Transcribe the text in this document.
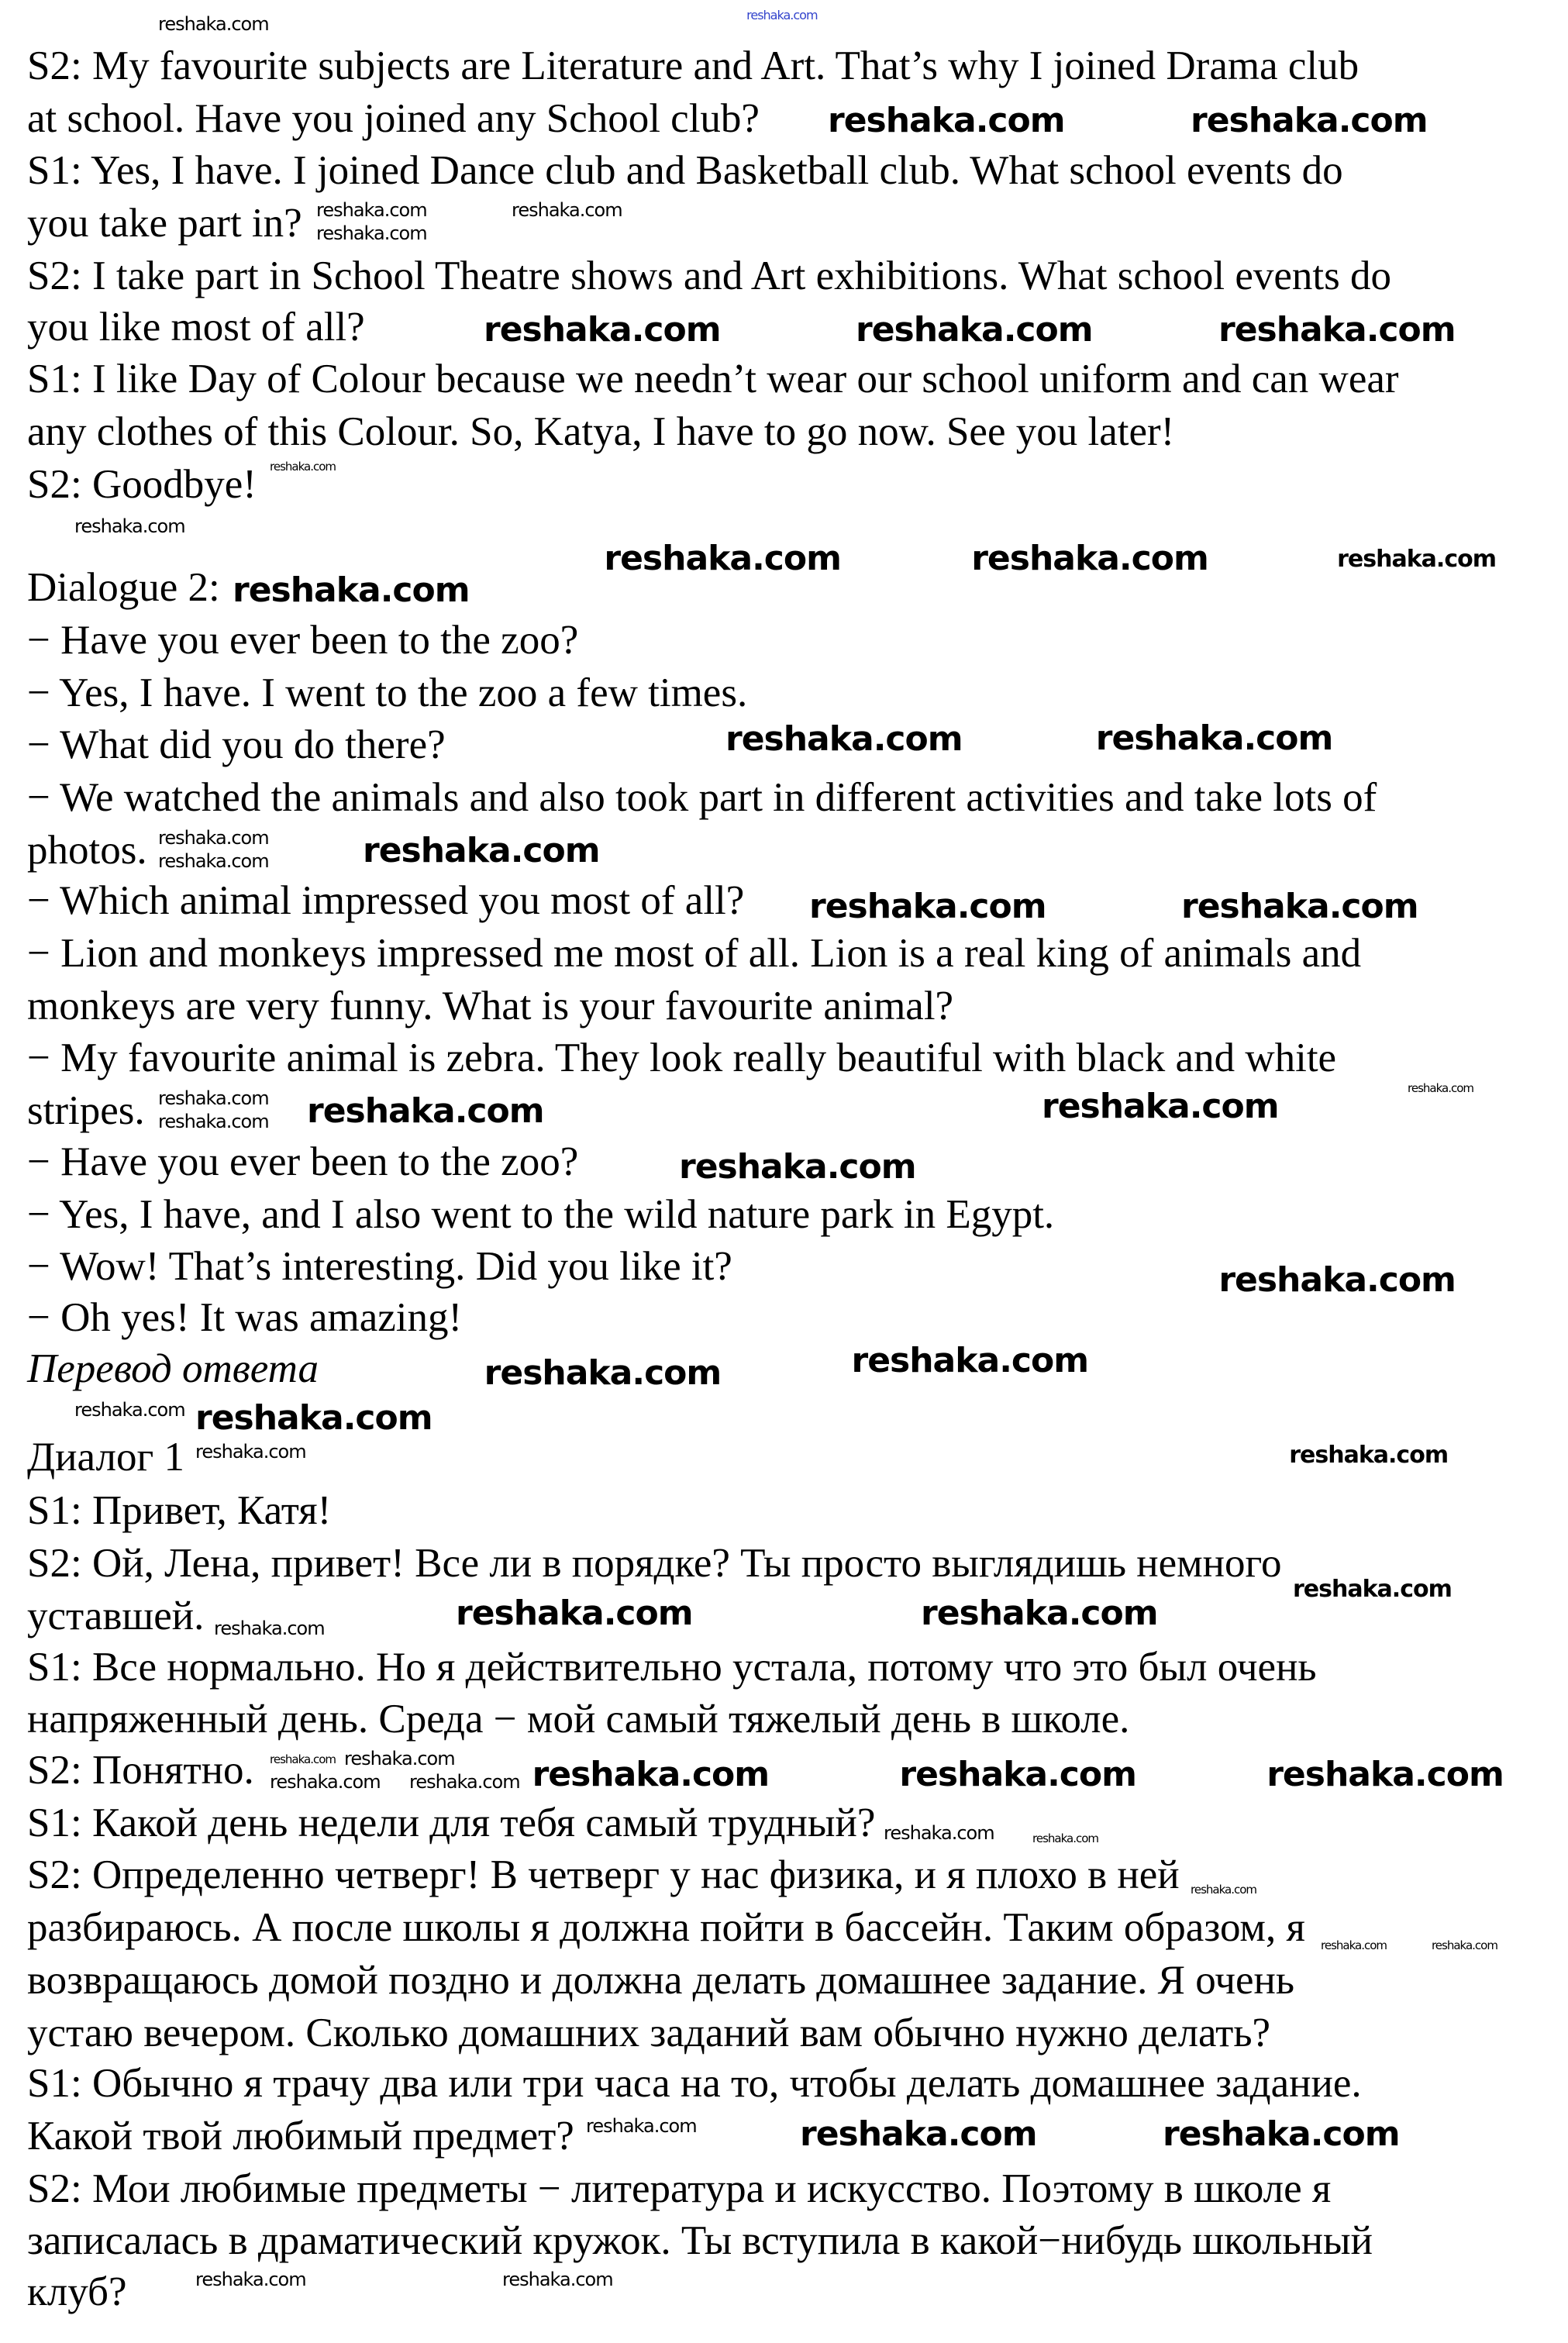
S2: My favourite subjects are Literature and Art. That’s why I joined Drama club
at school. Have you joined any School club?
S1: Yes, I have. I joined Dance club and Basketball club. What school events do
you take part in?
S2: I take part in School Theatre shows and Art exhibitions. What school events do
you like most of all?
S1: I like Day of Colour because we needn’t wear our school uniform and can wear
any clothes of this Colour. So, Katya, I have to go now. See you later!
S2: Goodbye!
Dialogue 2:
− Have you ever been to the zoo?
− Yes, I have. I went to the zoo a few times.
− What did you do there?
− We watched the animals and also took part in different activities and take lots of
photos.
− Which animal impressed you most of all?
− Lion and monkeys impressed me most of all. Lion is a real king of animals and
monkeys are very funny. What is your favourite animal?
− My favourite animal is zebra. They look really beautiful with black and white
stripes.
− Have you ever been to the zoo?
− Yes, I have, and I also went to the wild nature park in Egypt.
− Wow! That’s interesting. Did you like it?
− Oh yes! It was amazing!
Перевод ответа
Диалог 1
S1: Привет, Катя!
S2: Ой, Лена, привет! Все ли в порядке? Ты просто выглядишь немного
уставшей.
S1: Все нормально. Но я действительно устала, потому что это был очень
напряженный день. Среда − мой самый тяжелый день в школе.
S2: Понятно.
S1: Какой день недели для тебя самый трудный?
S2: Определенно четверг! В четверг у нас физика, и я плохо в ней
разбираюсь. А после школы я должна пойти в бассейн. Таким образом, я
возвращаюсь домой поздно и должна делать домашнее задание. Я очень
устаю вечером. Сколько домашних заданий вам обычно нужно делать?
S1: Обычно я трачу два или три часа на то, чтобы делать домашнее задание.
Какой твой любимый предмет?
S2: Мои любимые предметы − литература и искусство. Поэтому в школе я
записалась в драматический кружок. Ты вступила в какой−нибудь школьный
клуб?
reshaka.com
reshaka.com	reshaka.com
reshaka.com	reshaka.com
reshaka.com
reshaka.com	reshaka.com
reshaka.com
reshaka.com	reshaka.com
reshaka.com
reshaka.com	reshaka.com
reshaka.com
reshaka.com
reshaka.com
reshaka.com
reshaka.com	reshaka.com
reshaka.com
reshaka.com	reshaka.com
reshaka.com	reshaka.com	reshaka.com
reshaka.com	reshaka.com
reshaka.com
reshaka.com
reshaka.com
reshaka.com
reshaka.com
reshaka.com
reshaka.com
reshaka.com
reshaka.com
reshaka.com
reshaka.com
reshaka.com	reshaka.com
reshaka.com
reshaka.com
reshaka.com
reshaka.com
reshaka.com
reshaka.com reshaka.com
reshaka.com
reshaka.com	reshaka.com
reshaka.com
reshaka.com	reshaka.com
reshaka.com
reshaka.com	reshaka.com
